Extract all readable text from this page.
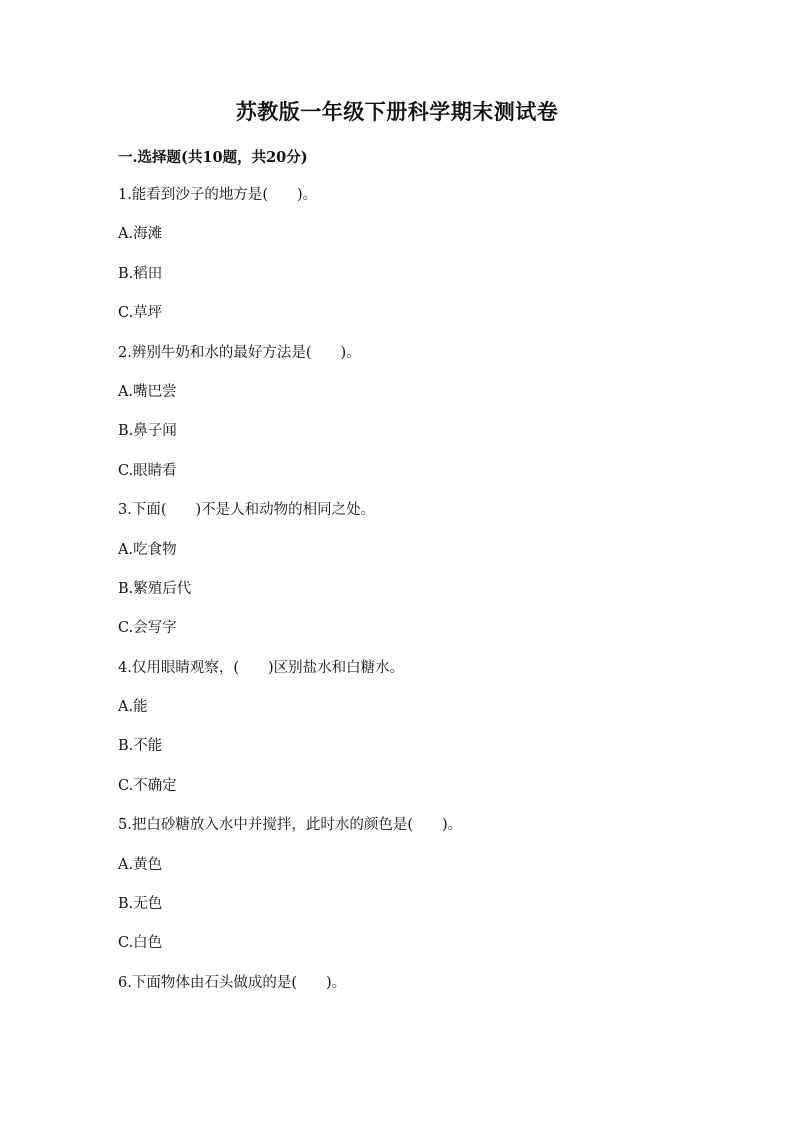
苏教版一年级下册科学期末测试卷
一.选择题(共10题，共20分)
1.能看到沙子的地方是(　　)。
A.海滩
B.稻田
C.草坪
2.辨别牛奶和水的最好方法是(　　)。
A.嘴巴尝
B.鼻子闻
C.眼睛看
3.下面(　　)不是人和动物的相同之处。
A.吃食物
B.繁殖后代
C.会写字
4.仅用眼睛观察，(　　)区别盐水和白糖水。
A.能
B.不能
C.不确定
5.把白砂糖放入水中并搅拌，此时水的颜色是(　　)。
A.黄色
B.无色
C.白色
6.下面物体由石头做成的是(　　)。
